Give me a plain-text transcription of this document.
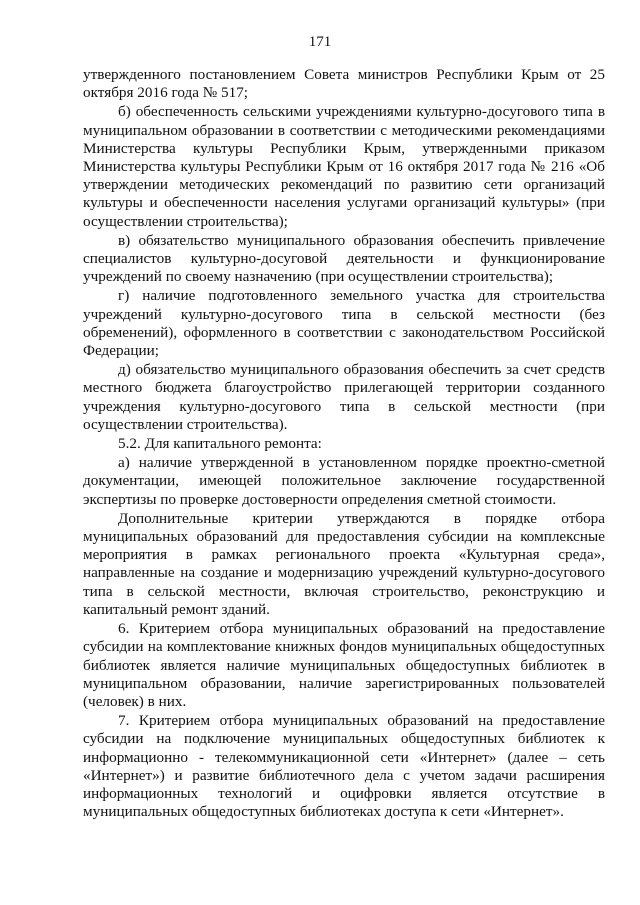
171

утвержденного постановлением Совета министров Республики Крым от 25 октября 2016 года № 517;

б) обеспеченность сельскими учреждениями культурно-досугового типа в муниципальном образовании в соответствии с методическими рекомендациями Министерства культуры Республики Крым, утвержденными приказом Министерства культуры Республики Крым от 16 октября 2017 года № 216 «Об утверждении методических рекомендаций по развитию сети организаций культуры и обеспеченности населения услугами организаций культуры» (при осуществлении строительства);

в) обязательство муниципального образования обеспечить привлечение специалистов культурно-досуговой деятельности и функционирование учреждений по своему назначению (при осуществлении строительства);

г) наличие подготовленного земельного участка для строительства учреждений культурно-досугового типа в сельской местности (без обременений), оформленного в соответствии с законодательством Российской Федерации;

д) обязательство муниципального образования обеспечить за счет средств местного бюджета благоустройство прилегающей территории созданного учреждения культурно-досугового типа в сельской местности (при осуществлении строительства).

5.2. Для капитального ремонта:

а) наличие утвержденной в установленном порядке проектно-сметной документации, имеющей положительное заключение государственной экспертизы по проверке достоверности определения сметной стоимости.

Дополнительные критерии утверждаются в порядке отбора муниципальных образований для предоставления субсидии на комплексные мероприятия в рамках регионального проекта «Культурная среда», направленные на создание и модернизацию учреждений культурно-досугового типа в сельской местности, включая строительство, реконструкцию и капитальный ремонт зданий.

6. Критерием отбора муниципальных образований на предоставление субсидии на комплектование книжных фондов муниципальных общедоступных библиотек является наличие муниципальных общедоступных библиотек в муниципальном образовании, наличие зарегистрированных пользователей (человек) в них.

7. Критерием отбора муниципальных образований на предоставление субсидии на подключение муниципальных общедоступных библиотек к информационно - телекоммуникационной сети «Интернет» (далее – сеть «Интернет») и развитие библиотечного дела с учетом задачи расширения информационных технологий и оцифровки является отсутствие в муниципальных общедоступных библиотеках доступа к сети «Интернет».
